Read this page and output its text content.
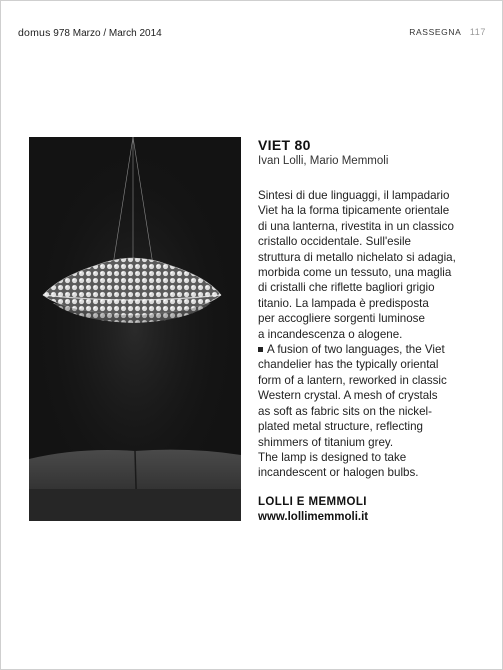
domus 978 Marzo / March 2014	RASSEGNA 117
VIET 80
Ivan Lolli, Mario Memmoli
Sintesi di due linguaggi, il lampadario
Viet ha la forma tipicamente orientale
di una lanterna, rivestita in un classico
cristallo occidentale. Sull'esile
struttura di metallo nichelato si adagia,
morbida come un tessuto, una maglia
di cristalli che riflette bagliori grigio
titanio. La lampada è predisposta
per accogliere sorgenti luminose
a incandescenza o alogene.
A fusion of two languages, the Viet
chandelier has the typically oriental
form of a lantern, reworked in classic
Western crystal. A mesh of crystals
as soft as fabric sits on the nickel-
plated metal structure, reflecting
shimmers of titanium grey.
The lamp is designed to take
incandescent or halogen bulbs.
LOLLI E MEMMOLI
www.lollimemmoli.it
